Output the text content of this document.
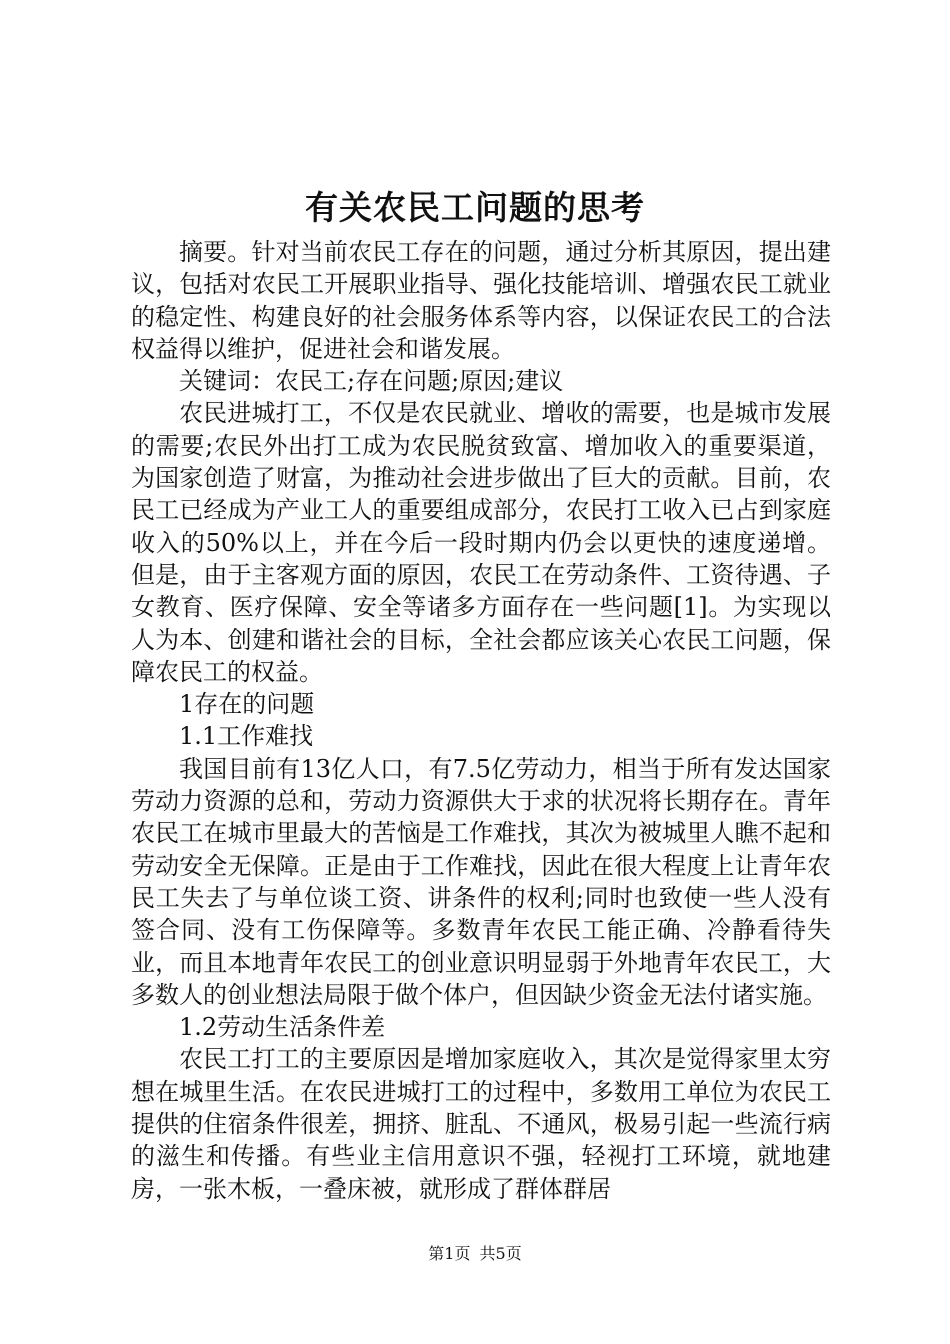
有关农民工问题的思考

摘要。针对当前农民工存在的问题，通过分析其原因，提出建议，包括对农民工开展职业指导、强化技能培训、增强农民工就业的稳定性、构建良好的社会服务体系等内容，以保证农民工的合法权益得以维护，促进社会和谐发展。

关键词：农民工;存在问题;原因;建议

农民进城打工，不仅是农民就业、增收的需要，也是城市发展的需要;农民外出打工成为农民脱贫致富、增加收入的重要渠道，为国家创造了财富，为推动社会进步做出了巨大的贡献。目前，农民工已经成为产业工人的重要组成部分，农民打工收入已占到家庭收入的50%以上，并在今后一段时期内仍会以更快的速度递增。但是，由于主客观方面的原因，农民工在劳动条件、工资待遇、子女教育、医疗保障、安全等诸多方面存在一些问题[1]。为实现以人为本、创建和谐社会的目标，全社会都应该关心农民工问题，保障农民工的权益。

1存在的问题

1.1工作难找

我国目前有13亿人口，有7.5亿劳动力，相当于所有发达国家劳动力资源的总和，劳动力资源供大于求的状况将长期存在。青年农民工在城市里最大的苦恼是工作难找，其次为被城里人瞧不起和劳动安全无保障。正是由于工作难找，因此在很大程度上让青年农民工失去了与单位谈工资、讲条件的权利;同时也致使一些人没有签合同、没有工伤保障等。多数青年农民工能正确、冷静看待失业，而且本地青年农民工的创业意识明显弱于外地青年农民工，大多数人的创业想法局限于做个体户，但因缺少资金无法付诸实施。

1.2劳动生活条件差

农民工打工的主要原因是增加家庭收入，其次是觉得家里太穷想在城里生活。在农民进城打工的过程中，多数用工单位为农民工提供的住宿条件很差，拥挤、脏乱、不通风，极易引起一些流行病的滋生和传播。有些业主信用意识不强，轻视打工环境，就地建房，一张木板，一叠床被，就形成了群体群居

第1页 共5页
